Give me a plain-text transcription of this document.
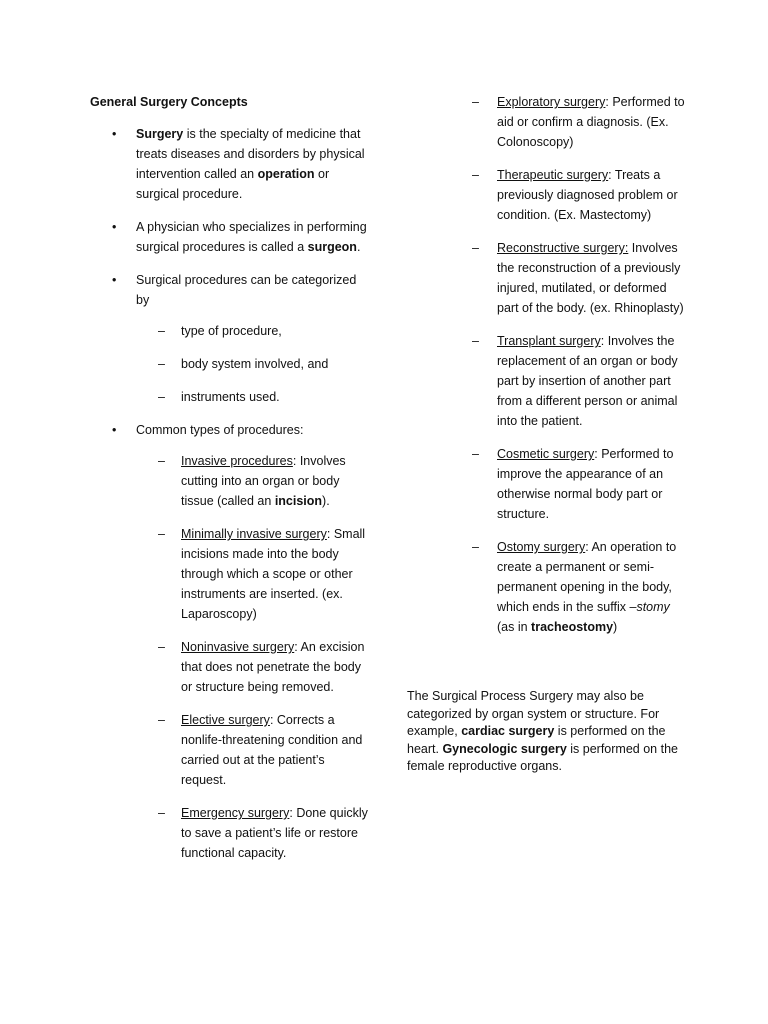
General Surgery Concepts
• Surgery is the specialty of medicine that treats diseases and disorders by physical intervention called an operation or surgical procedure.
• A physician who specializes in performing surgical procedures is called a surgeon.
• Surgical procedures can be categorized by
– type of procedure,
– body system involved, and
– instruments used.
• Common types of procedures:
– Invasive procedures: Involves cutting into an organ or body tissue (called an incision).
– Minimally invasive surgery: Small incisions made into the body through which a scope or other instruments are inserted. (ex. Laparoscopy)
– Noninvasive surgery: An excision that does not penetrate the body or structure being removed.
– Elective surgery: Corrects a nonlife-threatening condition and carried out at the patient’s request.
– Emergency surgery: Done quickly to save a patient’s life or restore functional capacity.
– Exploratory surgery: Performed to aid or confirm a diagnosis. (Ex. Colonoscopy)
– Therapeutic surgery: Treats a previously diagnosed problem or condition. (Ex. Mastectomy)
– Reconstructive surgery: Involves the reconstruction of a previously injured, mutilated, or deformed part of the body. (ex. Rhinoplasty)
– Transplant surgery: Involves the replacement of an organ or body part by insertion of another part from a different person or animal into the patient.
– Cosmetic surgery: Performed to improve the appearance of an otherwise normal body part or structure.
– Ostomy surgery: An operation to create a permanent or semi-permanent opening in the body, which ends in the suffix –stomy (as in tracheostomy)
The Surgical Process Surgery may also be categorized by organ system or structure. For example, cardiac surgery is performed on the heart. Gynecologic surgery is performed on the female reproductive organs.
